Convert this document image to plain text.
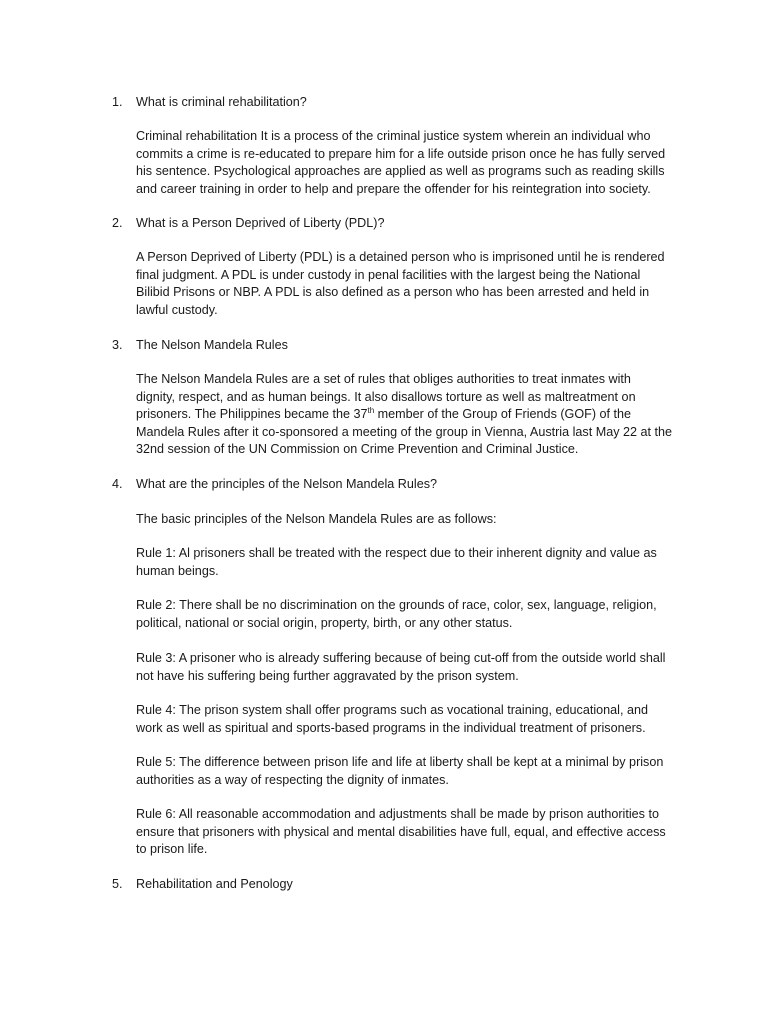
1. What is criminal rehabilitation?
Criminal rehabilitation It is a process of the criminal justice system wherein an individual who
commits a crime is re-educated to prepare him for a life outside prison once he has fully served
his sentence. Psychological approaches are applied as well as programs such as reading skills
and career training in order to help and prepare the offender for his reintegration into society.
2. What is a Person Deprived of Liberty (PDL)?
A Person Deprived of Liberty (PDL) is a detained person who is imprisoned until he is rendered
final judgment. A PDL is under custody in penal facilities with the largest being the National
Bilibid Prisons or NBP. A PDL is also defined as a person who has been arrested and held in
lawful custody.
3. The Nelson Mandela Rules
The Nelson Mandela Rules are a set of rules that obliges authorities to treat inmates with
dignity, respect, and as human beings. It also disallows torture as well as maltreatment on
prisoners. The Philippines became the 37th member of the Group of Friends (GOF) of the
Mandela Rules after it co-sponsored a meeting of the group in Vienna, Austria last May 22 at the
32nd session of the UN Commission on Crime Prevention and Criminal Justice.
4. What are the principles of the Nelson Mandela Rules?
The basic principles of the Nelson Mandela Rules are as follows:
Rule 1: Al prisoners shall be treated with the respect due to their inherent dignity and value as
human beings.
Rule 2: There shall be no discrimination on the grounds of race, color, sex, language, religion,
political, national or social origin, property, birth, or any other status.
Rule 3: A prisoner who is already suffering because of being cut-off from the outside world shall
not have his suffering being further aggravated by the prison system.
Rule 4: The prison system shall offer programs such as vocational training, educational, and
work as well as spiritual and sports-based programs in the individual treatment of prisoners.
Rule 5: The difference between prison life and life at liberty shall be kept at a minimal by prison
authorities as a way of respecting the dignity of inmates.
Rule 6: All reasonable accommodation and adjustments shall be made by prison authorities to
ensure that prisoners with physical and mental disabilities have full, equal, and effective access
to prison life.
5. Rehabilitation and Penology
